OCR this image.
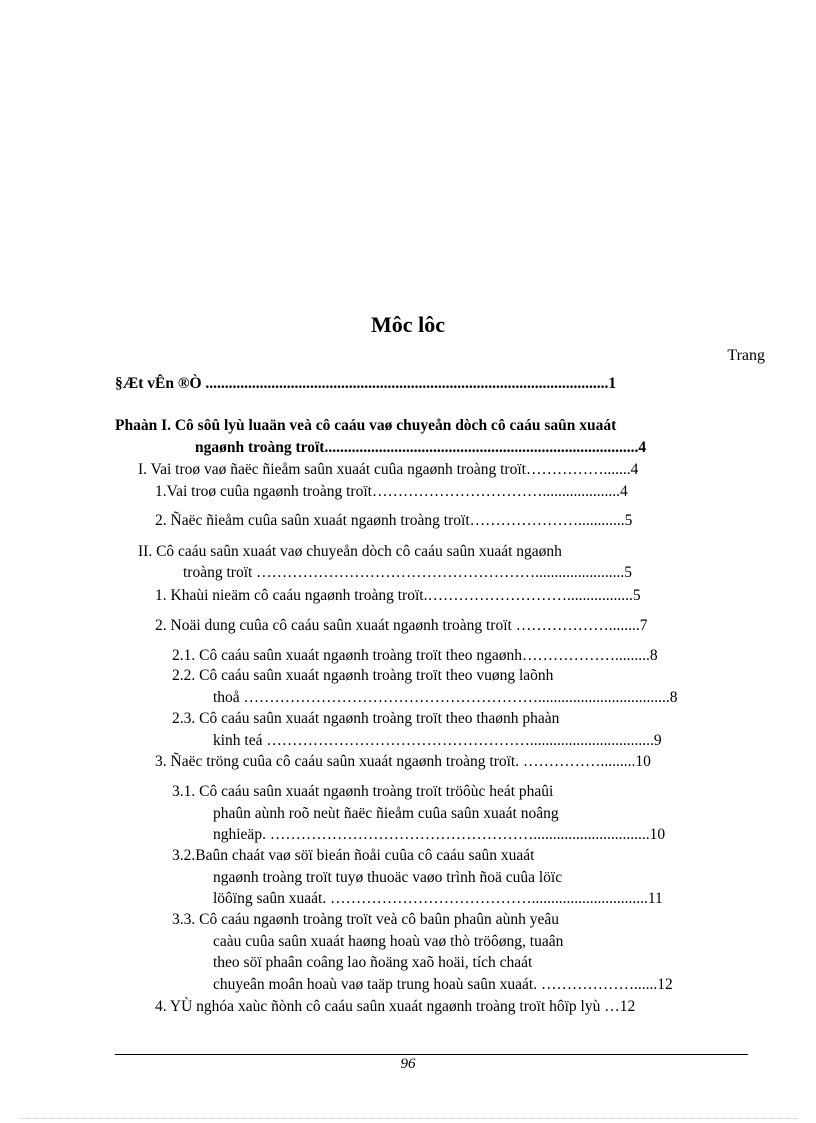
Môc lôc
Trang
§Æt vÊn ®Ò ........................................................................................................1
Phaàn I. Cô sôû lyù luaän veà cô caáu vaø chuyeån dòch cô caáu saûn xuaát
ngaønh troàng troït.................................................................................4
I. Vai troø vaø ñaëc ñieåm saûn xuaát cuûa ngaønh troàng troït…………….......4
1.Vai troø cuûa ngaønh troàng troït……………………………....................4
2. Ñaëc ñieåm cuûa saûn xuaát ngaønh troàng troït…………………............5
II. Cô caáu saûn xuaát vaø chuyeån dòch cô caáu saûn xuaát ngaønh
troàng troït ……………………………………………….......................5
1. Khaùi nieäm cô caáu ngaønh troàng troït.……………………….................5
2. Noäi dung cuûa cô caáu saûn xuaát ngaønh troàng troït ………………........7
2.1. Cô caáu saûn xuaát ngaønh troàng troït theo ngaønh……………….........8
2.2. Cô caáu saûn xuaát ngaønh troàng troït theo vuøng laõnh
thoå …………………………………………………..................................8
2.3. Cô caáu saûn xuaát ngaønh troàng troït theo thaønh phaàn
kinh teá ……………………………………………................................9
3. Ñaëc tröng cuûa cô caáu saûn xuaát ngaønh troàng troït. …………….........10
3.1. Cô caáu saûn xuaát ngaønh troàng troït tröôùc heát phaûi
phaûn aùnh roõ neùt ñaëc ñieåm cuûa saûn xuaát noâng
nghieäp. ……………………………………………..............................10
3.2.Baûn chaát vaø söï bieán ñoåi cuûa cô caáu saûn xuaát
ngaønh troàng troït tuyø thuoäc vaøo trình ñoä cuûa löïc
löôïng saûn xuaát. …………………………………..............................11
3.3. Cô caáu ngaønh troàng troït veà cô baûn phaûn aùnh yeâu
caàu cuûa saûn xuaát haøng hoaù vaø thò tröôøng, tuaân
theo söï phaân coâng lao ñoäng xaõ hoäi, tích chaát
chuyeân moân hoaù vaø taäp trung hoaù saûn xuaát. ………………......12
4. YÙ nghóa xaùc ñònh cô caáu saûn xuaát ngaønh troàng troït hôïp lyù …12
96
